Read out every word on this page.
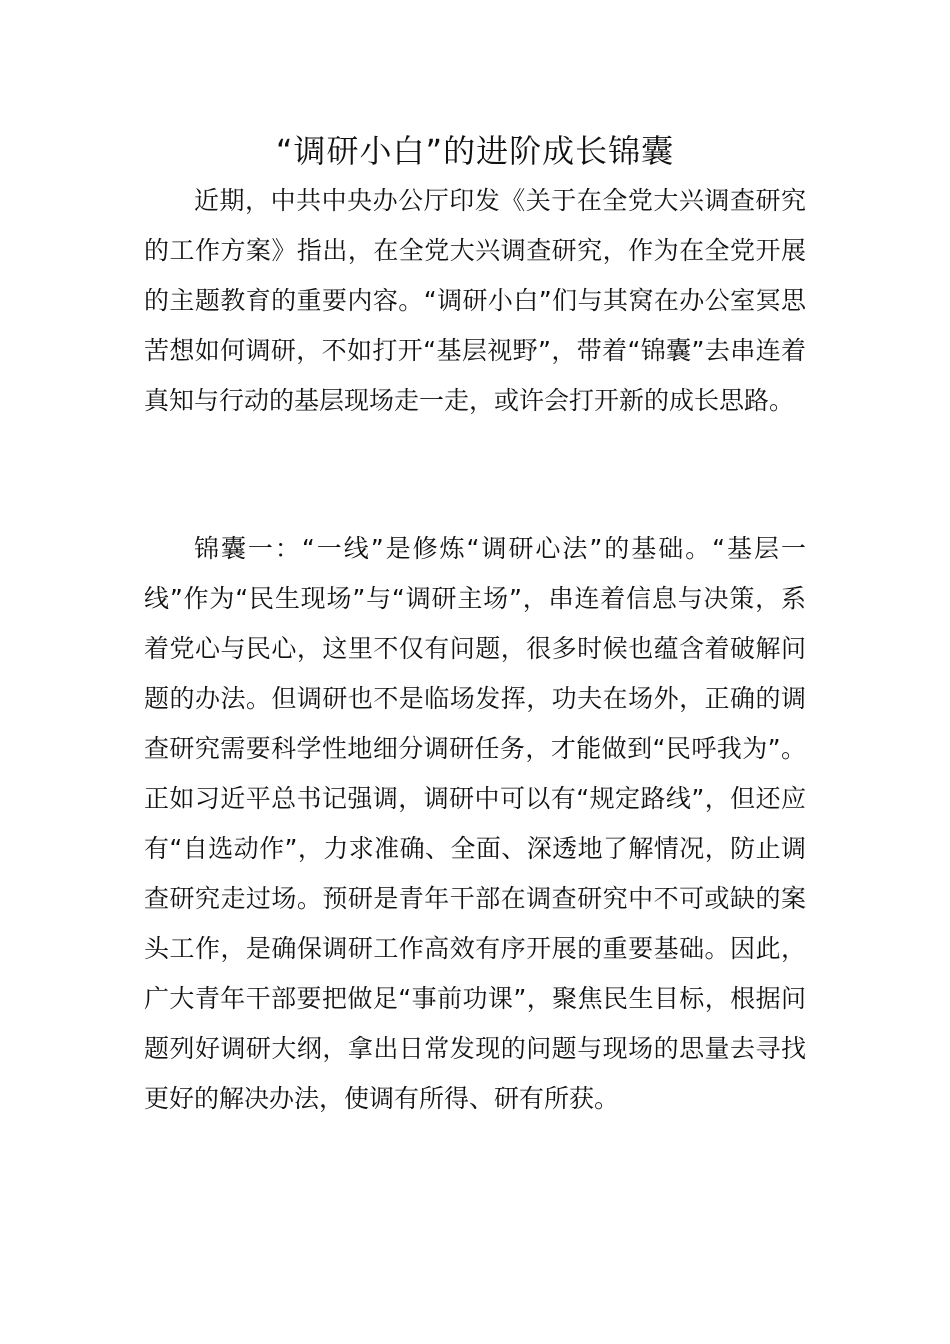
“调研小白”的进阶成长锦囊

近期，中共中央办公厅印发《关于在全党大兴调查研究的工作方案》指出，在全党大兴调查研究，作为在全党开展的主题教育的重要内容。“调研小白”们与其窝在办公室冥思苦想如何调研，不如打开“基层视野”，带着“锦囊”去串连着真知与行动的基层现场走一走，或许会打开新的成长思路。

锦囊一：“一线”是修炼“调研心法”的基础。“基层一线”作为“民生现场”与“调研主场”，串连着信息与决策，系着党心与民心，这里不仅有问题，很多时候也蕴含着破解问题的办法。但调研也不是临场发挥，功夫在场外，正确的调查研究需要科学性地细分调研任务，才能做到“民呼我为”。正如习近平总书记强调，调研中可以有“规定路线”，但还应有“自选动作”，力求准确、全面、深透地了解情况，防止调查研究走过场。预研是青年干部在调查研究中不可或缺的案头工作，是确保调研工作高效有序开展的重要基础。因此，广大青年干部要把做足“事前功课”，聚焦民生目标，根据问题列好调研大纲，拿出日常发现的问题与现场的思量去寻找更好的解决办法，使调有所得、研有所获。
